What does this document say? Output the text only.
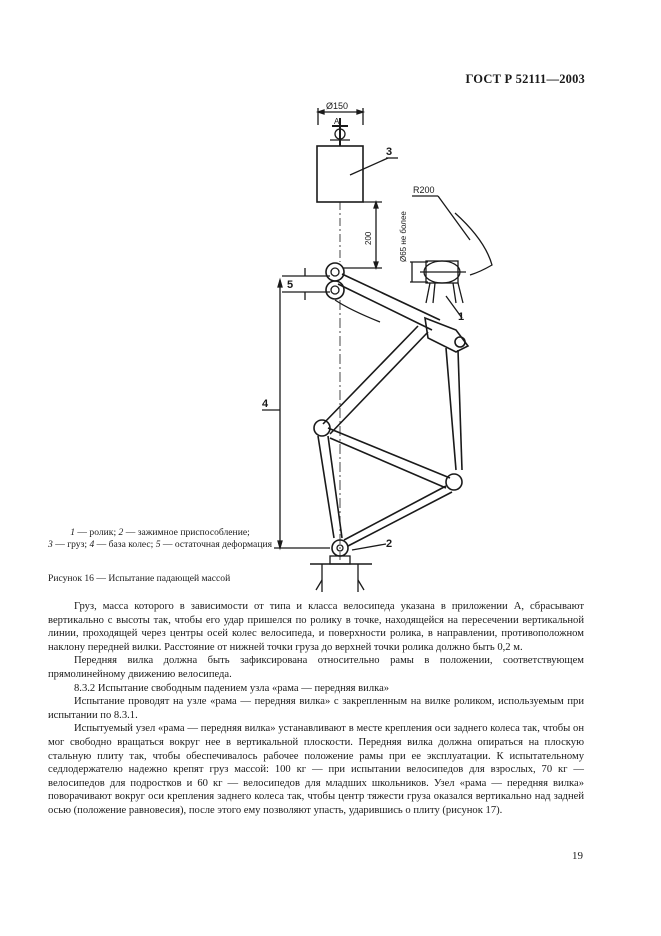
ГОСТ Р 52111—2003
Ø150
А
3
200	Ø65 не более
R200
1
5
4
2
1 — ролик; 2 — зажимное приспособление;
3 — груз; 4 — база колес; 5 — остаточная деформация
Рисунок 16 — Испытание падающей массой

Груз, масса которого в зависимости от типа и класса велосипеда указана в приложении А, сбрасывают вертикально с высоты так, чтобы его удар пришелся по ролику в точке, находящейся на пересечении вертикальной линии, проходящей через центры осей колес велосипеда, и поверхности ролика, в направлении, противоположном наклону передней вилки. Расстояние от нижней точки груза до верхней точки ролика должно быть 0,2 м.

Передняя вилка должна быть зафиксирована относительно рамы в положении, соответствующем прямолинейному движению велосипеда.

8.3.2 Испытание свободным падением узла «рама — передняя вилка»

Испытание проводят на узле «рама — передняя вилка» с закрепленным на вилке роликом, используемым при испытании по 8.3.1.

Испытуемый узел «рама — передняя вилка» устанавливают в месте крепления оси заднего колеса так, чтобы он мог свободно вращаться вокруг нее в вертикальной плоскости. Передняя вилка должна опираться на плоскую стальную плиту так, чтобы обеспечивалось рабочее положение рамы при ее эксплуатации. К испытательному седлодержателю надежно крепят груз массой: 100 кг — при испытании велосипедов для взрослых, 70 кг — велосипедов для подростков и 60 кг — велосипедов для младших школьников. Узел «рама — передняя вилка» поворачивают вокруг оси крепления заднего колеса так, чтобы центр тяжести груза оказался вертикально над задней осью (положение равновесия), после этого ему позволяют упасть, ударившись о плиту (рисунок 17).

19
